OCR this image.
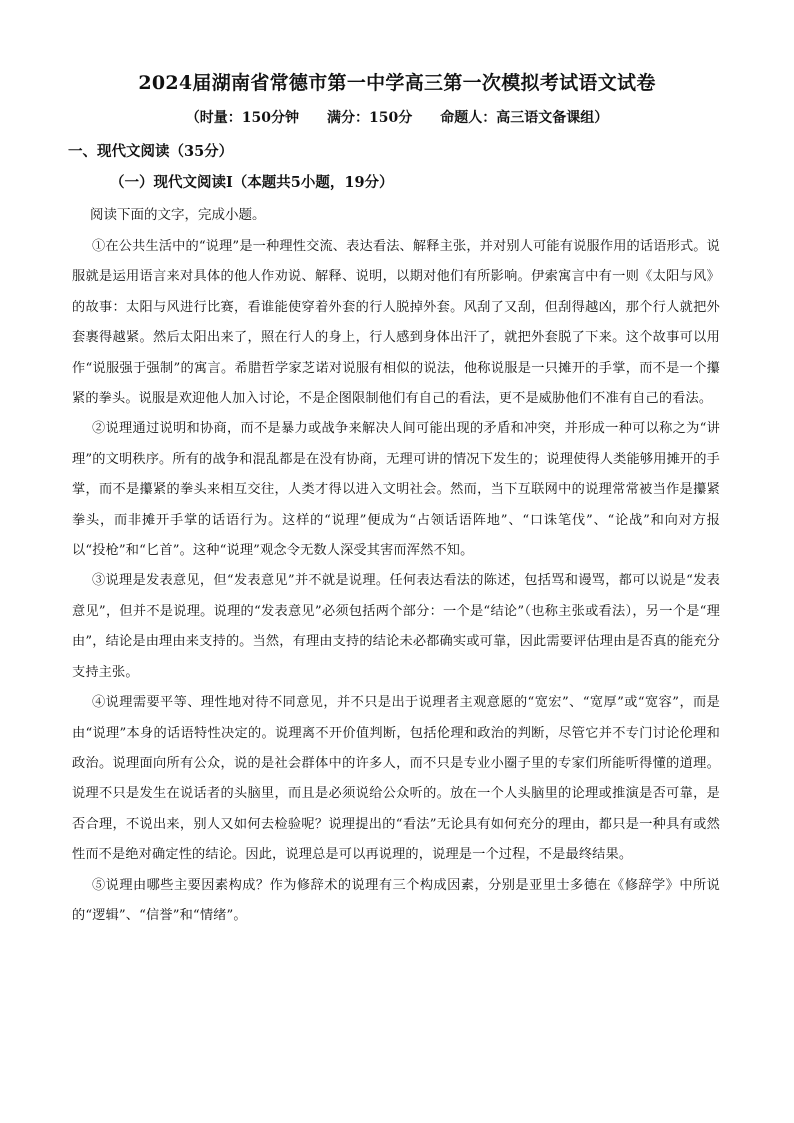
2024届湖南省常德市第一中学高三第一次模拟考试语文试卷
（时量：150分钟 满分：150分 命题人：高三语文备课组）
一、现代文阅读（35分）
（一）现代文阅读Ⅰ（本题共5小题，19分）
阅读下面的文字，完成小题。

①在公共生活中的“说理”是一种理性交流、表达看法、解释主张，并对别人可能有说服作用的话语形式。说服就是运用语言来对具体的他人作劝说、解释、说明，以期对他们有所影响。伊索寓言中有一则《太阳与风》的故事：太阳与风进行比赛，看谁能使穿着外套的行人脱掉外套。风刮了又刮，但刮得越凶，那个行人就把外套裹得越紧。然后太阳出来了，照在行人的身上，行人感到身体出汗了，就把外套脱了下来。这个故事可以用作“说服强于强制”的寓言。希腊哲学家芝诺对说服有相似的说法，他称说服是一只摊开的手掌，而不是一个攥紧的拳头。说服是欢迎他人加入讨论，不是企图限制他们有自己的看法，更不是威胁他们不准有自己的看法。

②说理通过说明和协商，而不是暴力或战争来解决人间可能出现的矛盾和冲突，并形成一种可以称之为“讲理”的文明秩序。所有的战争和混乱都是在没有协商，无理可讲的情况下发生的；说理使得人类能够用摊开的手掌，而不是攥紧的拳头来相互交往，人类才得以进入文明社会。然而，当下互联网中的说理常常被当作是攥紧拳头，而非摊开手掌的话语行为。这样的“说理”便成为“占领话语阵地”、“口诛笔伐”、“论战”和向对方报以“投枪”和“匕首”。这种“说理”观念令无数人深受其害而浑然不知。

③说理是发表意见，但“发表意见”并不就是说理。任何表达看法的陈述，包括骂和谩骂，都可以说是“发表意见”，但并不是说理。说理的“发表意见”必须包括两个部分：一个是“结论”（也称主张或看法），另一个是“理由”，结论是由理由来支持的。当然，有理由支持的结论未必都确实或可靠，因此需要评估理由是否真的能充分支持主张。

④说理需要平等、理性地对待不同意见，并不只是出于说理者主观意愿的“宽宏”、“宽厚”或“宽容”，而是由“说理”本身的话语特性决定的。说理离不开价值判断，包括伦理和政治的判断，尽管它并不专门讨论伦理和政治。说理面向所有公众，说的是社会群体中的许多人，而不只是专业小圈子里的专家们所能听得懂的道理。说理不只是发生在说话者的头脑里，而且是必须说给公众听的。放在一个人头脑里的论理或推演是否可靠，是否合理，不说出来，别人又如何去检验呢？说理提出的“看法”无论具有如何充分的理由，都只是一种具有或然性而不是绝对确定性的结论。因此，说理总是可以再说理的，说理是一个过程，不是最终结果。

⑤说理由哪些主要因素构成？作为修辞术的说理有三个构成因素，分别是亚里士多德在《修辞学》中所说的“逻辑”、“信誉”和“情绪”。
